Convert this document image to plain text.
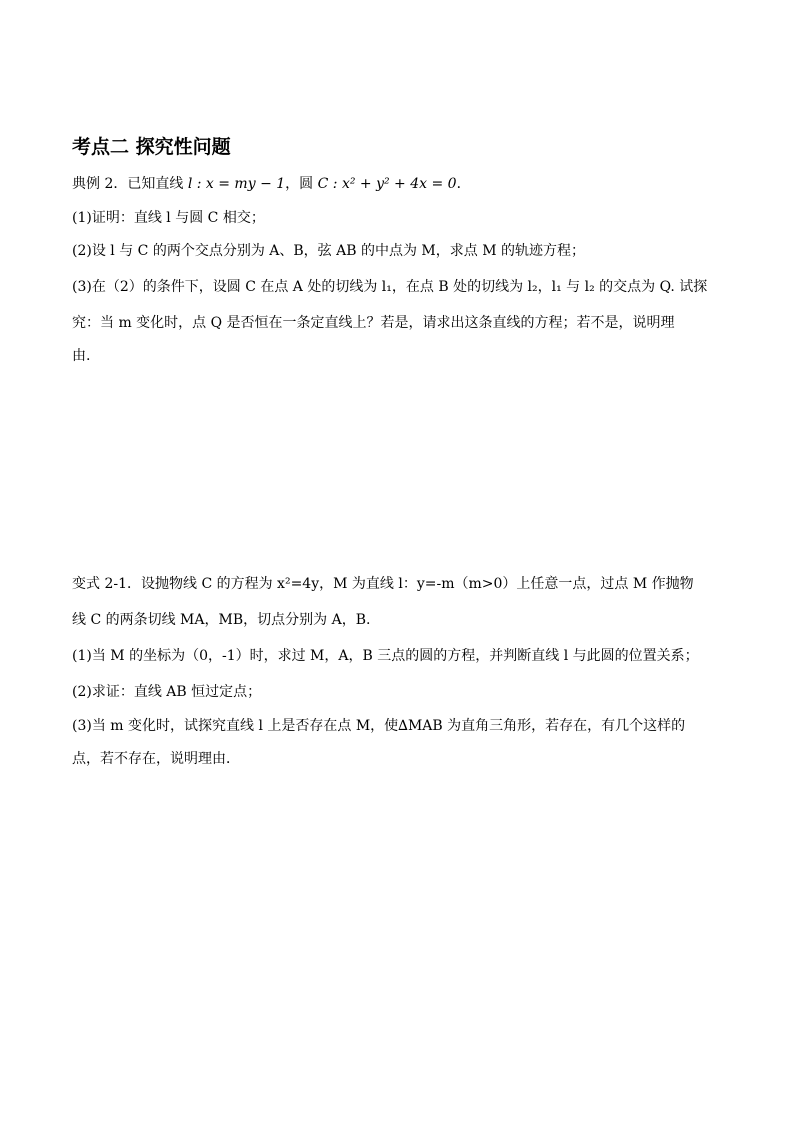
考点二 探究性问题
典例 2．已知直线 l : x = my − 1，圆 C : x² + y² + 4x = 0．
(1)证明：直线 l 与圆 C 相交；
(2)设 l 与 C 的两个交点分别为 A、B，弦 AB 的中点为 M，求点 M 的轨迹方程；
(3)在（2）的条件下，设圆 C 在点 A 处的切线为 l₁，在点 B 处的切线为 l₂，l₁ 与 l₂ 的交点为 Q. 试探
究：当 m 变化时，点 Q 是否恒在一条定直线上？若是，请求出这条直线的方程；若不是，说明理
由.
变式 2-1．设抛物线 C 的方程为 x²=4y，M 为直线 l：y=-m（m>0）上任意一点，过点 M 作抛物
线 C 的两条切线 MA，MB，切点分别为 A，B.
(1)当 M 的坐标为（0，-1）时，求过 M，A，B 三点的圆的方程，并判断直线 l 与此圆的位置关系；
(2)求证：直线 AB 恒过定点；
(3)当 m 变化时，试探究直线 l 上是否存在点 M，使∆MAB 为直角三角形，若存在，有几个这样的
点，若不存在，说明理由．
